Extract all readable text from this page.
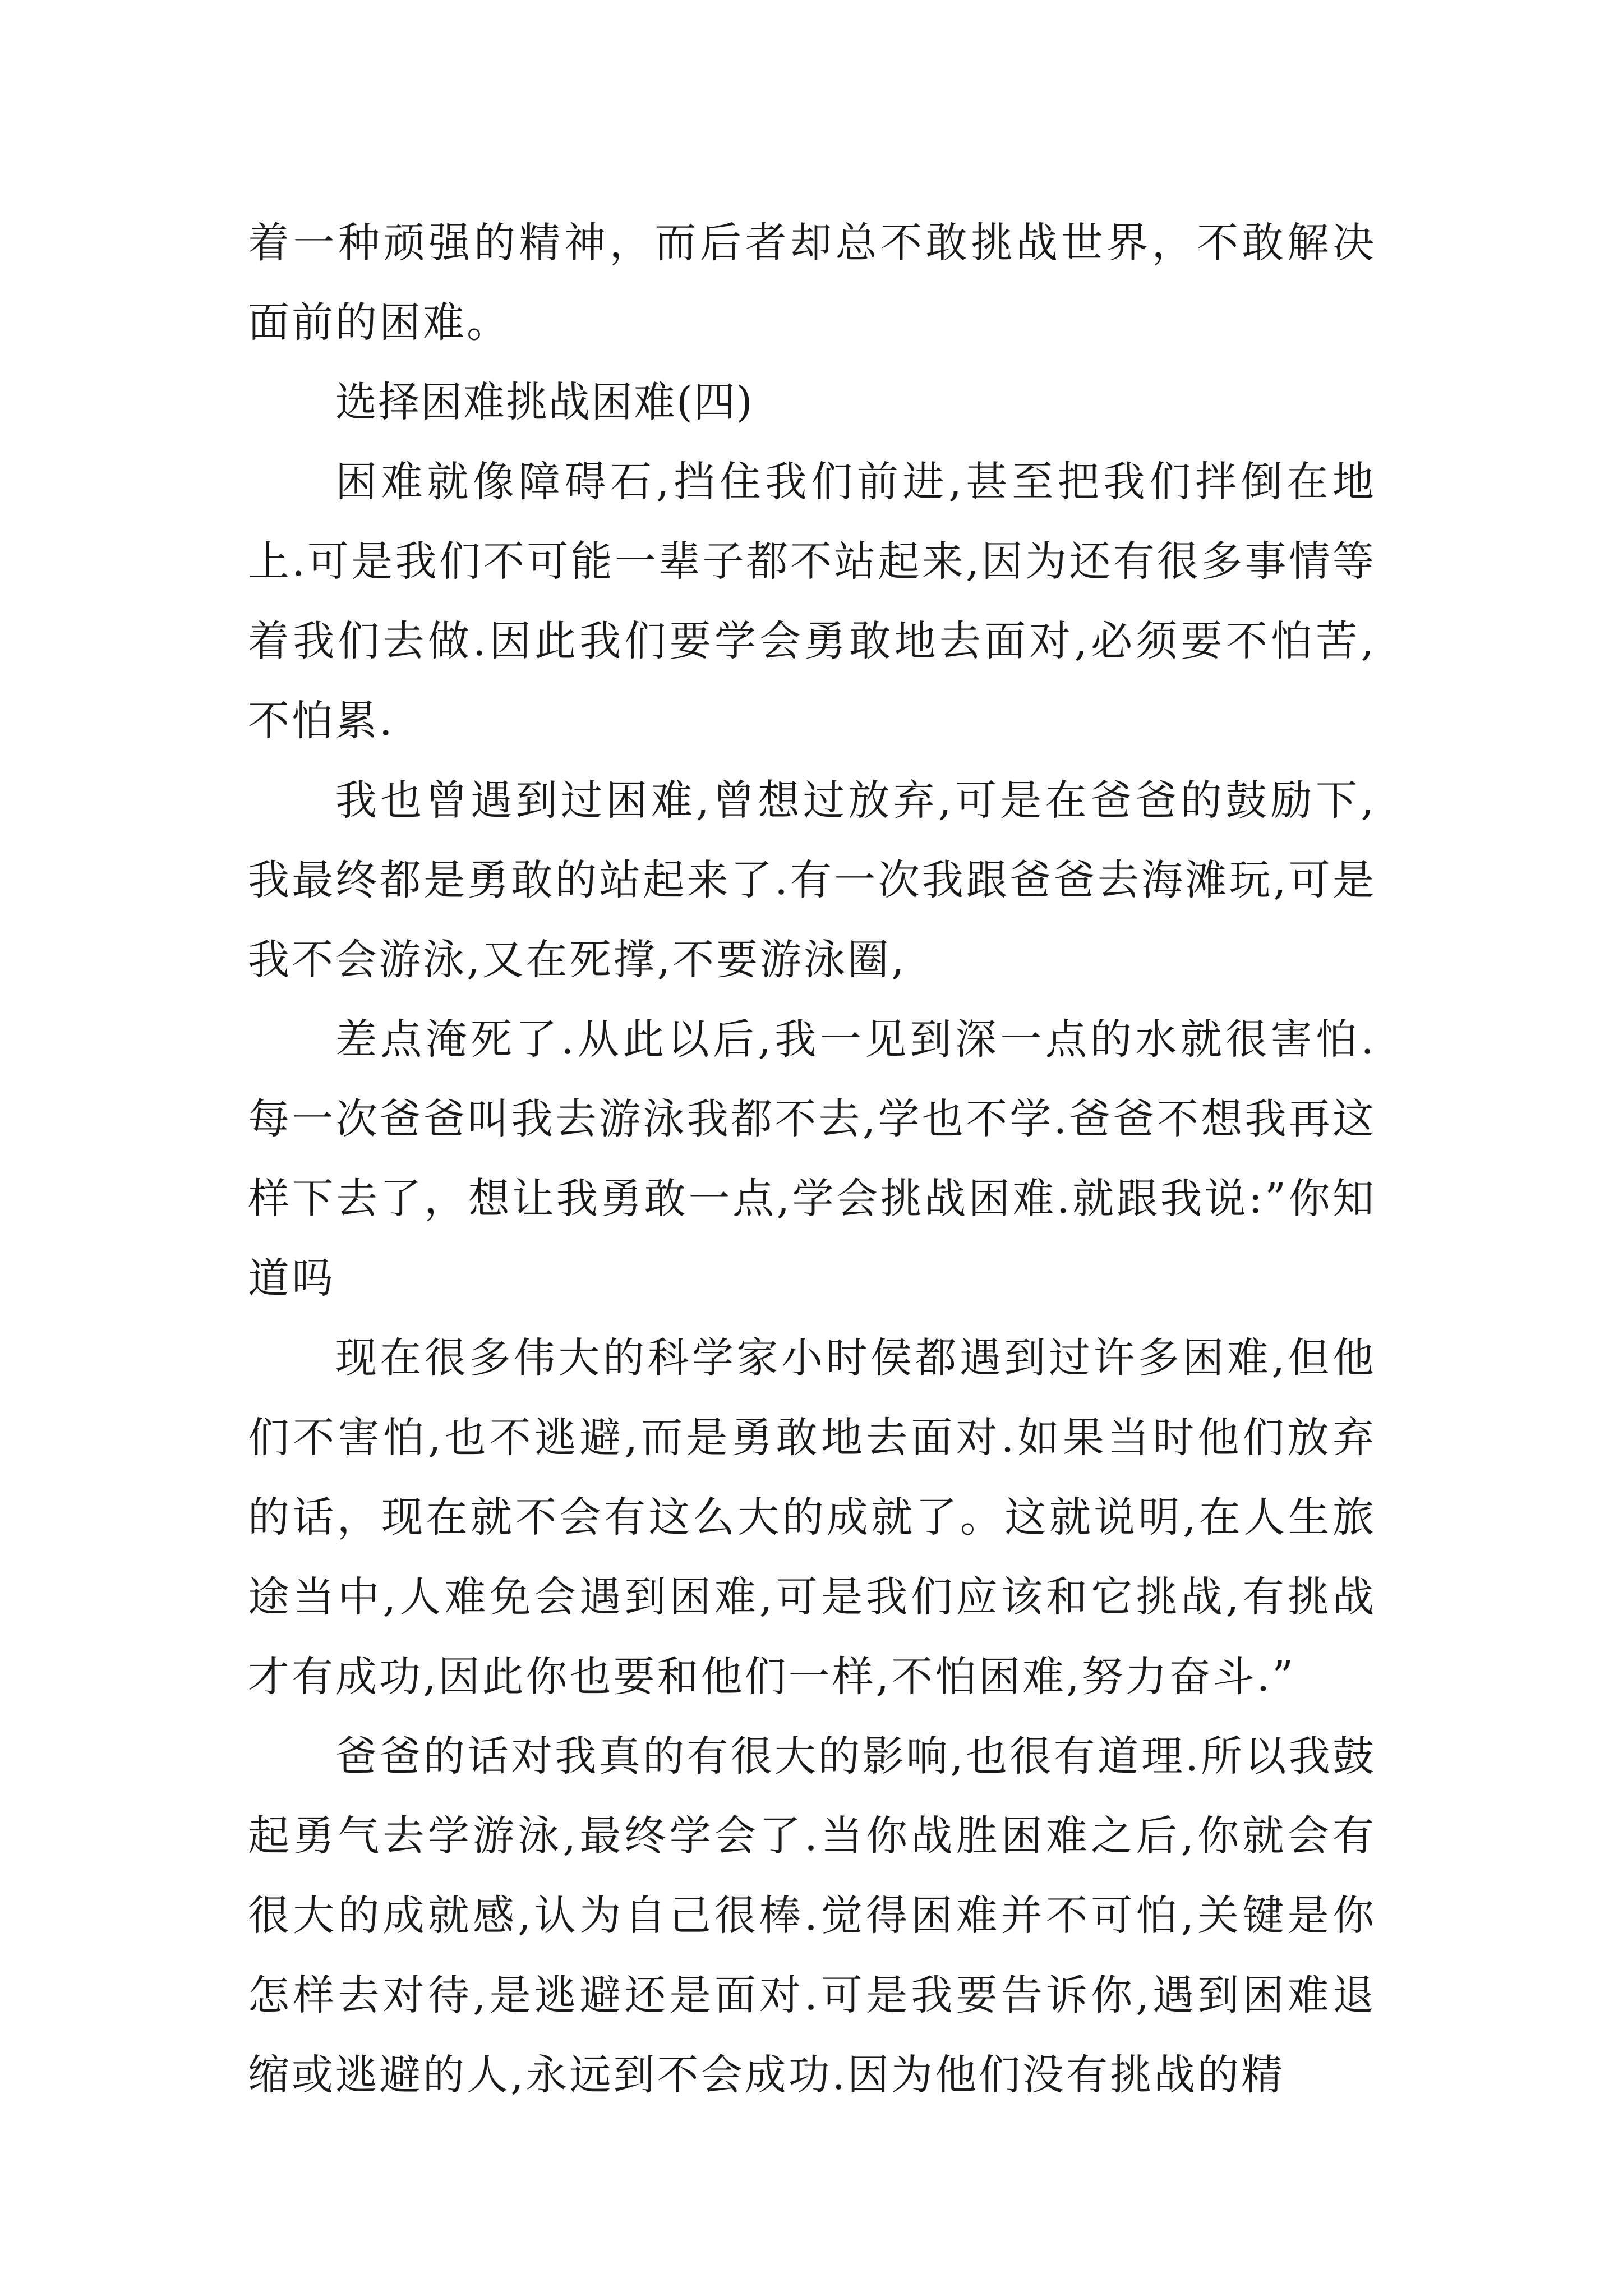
着一种顽强的精神，而后者却总不敢挑战世界，不敢解决面前的困难。

选择困难挑战困难(四)

困难就像障碍石,挡住我们前进,甚至把我们拌倒在地上.可是我们不可能一辈子都不站起来,因为还有很多事情等着我们去做.因此我们要学会勇敢地去面对,必须要不怕苦,不怕累.

我也曾遇到过困难,曾想过放弃,可是在爸爸的鼓励下,我最终都是勇敢的站起来了.有一次我跟爸爸去海滩玩,可是我不会游泳,又在死撑,不要游泳圈,

差点淹死了.从此以后,我一见到深一点的水就很害怕.每一次爸爸叫我去游泳我都不去,学也不学.爸爸不想我再这样下去了，想让我勇敢一点,学会挑战困难.就跟我说:”你知道吗

现在很多伟大的科学家小时侯都遇到过许多困难,但他们不害怕,也不逃避,而是勇敢地去面对.如果当时他们放弃的话，现在就不会有这么大的成就了。这就说明,在人生旅途当中,人难免会遇到困难,可是我们应该和它挑战,有挑战才有成功,因此你也要和他们一样,不怕困难,努力奋斗.”

爸爸的话对我真的有很大的影响,也很有道理.所以我鼓起勇气去学游泳,最终学会了.当你战胜困难之后,你就会有很大的成就感,认为自己很棒.觉得困难并不可怕,关键是你怎样去对待,是逃避还是面对.可是我要告诉你,遇到困难退缩或逃避的人,永远到不会成功.因为他们没有挑战的精
